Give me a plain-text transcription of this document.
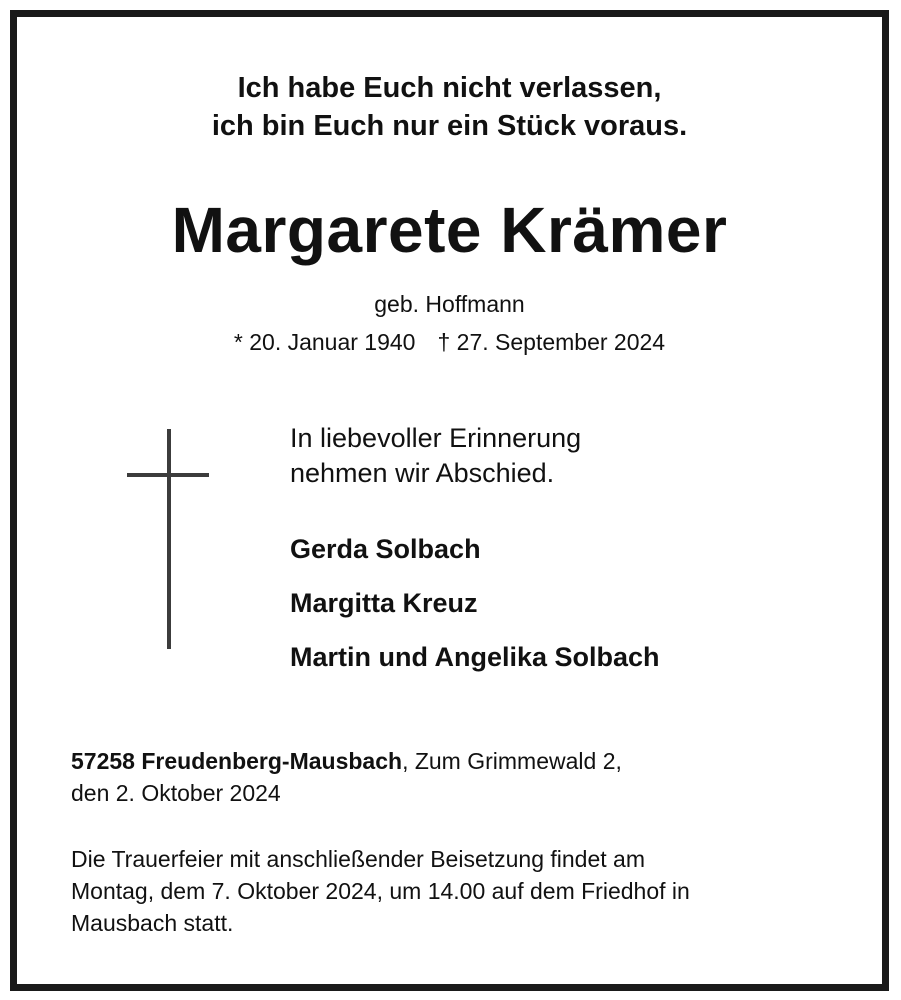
Ich habe Euch nicht verlassen,
ich bin Euch nur ein Stück voraus.
Margarete Krämer
geb. Hoffmann
* 20. Januar 1940 † 27. September 2024
In liebevoller Erinnerung
nehmen wir Abschied.
Gerda Solbach
Margitta Kreuz
Martin und Angelika Solbach
57258 Freudenberg-Mausbach, Zum Grimmewald 2,
den 2. Oktober 2024
Die Trauerfeier mit anschließender Beisetzung findet am
Montag, dem 7. Oktober 2024, um 14.00 auf dem Friedhof in
Mausbach statt.
